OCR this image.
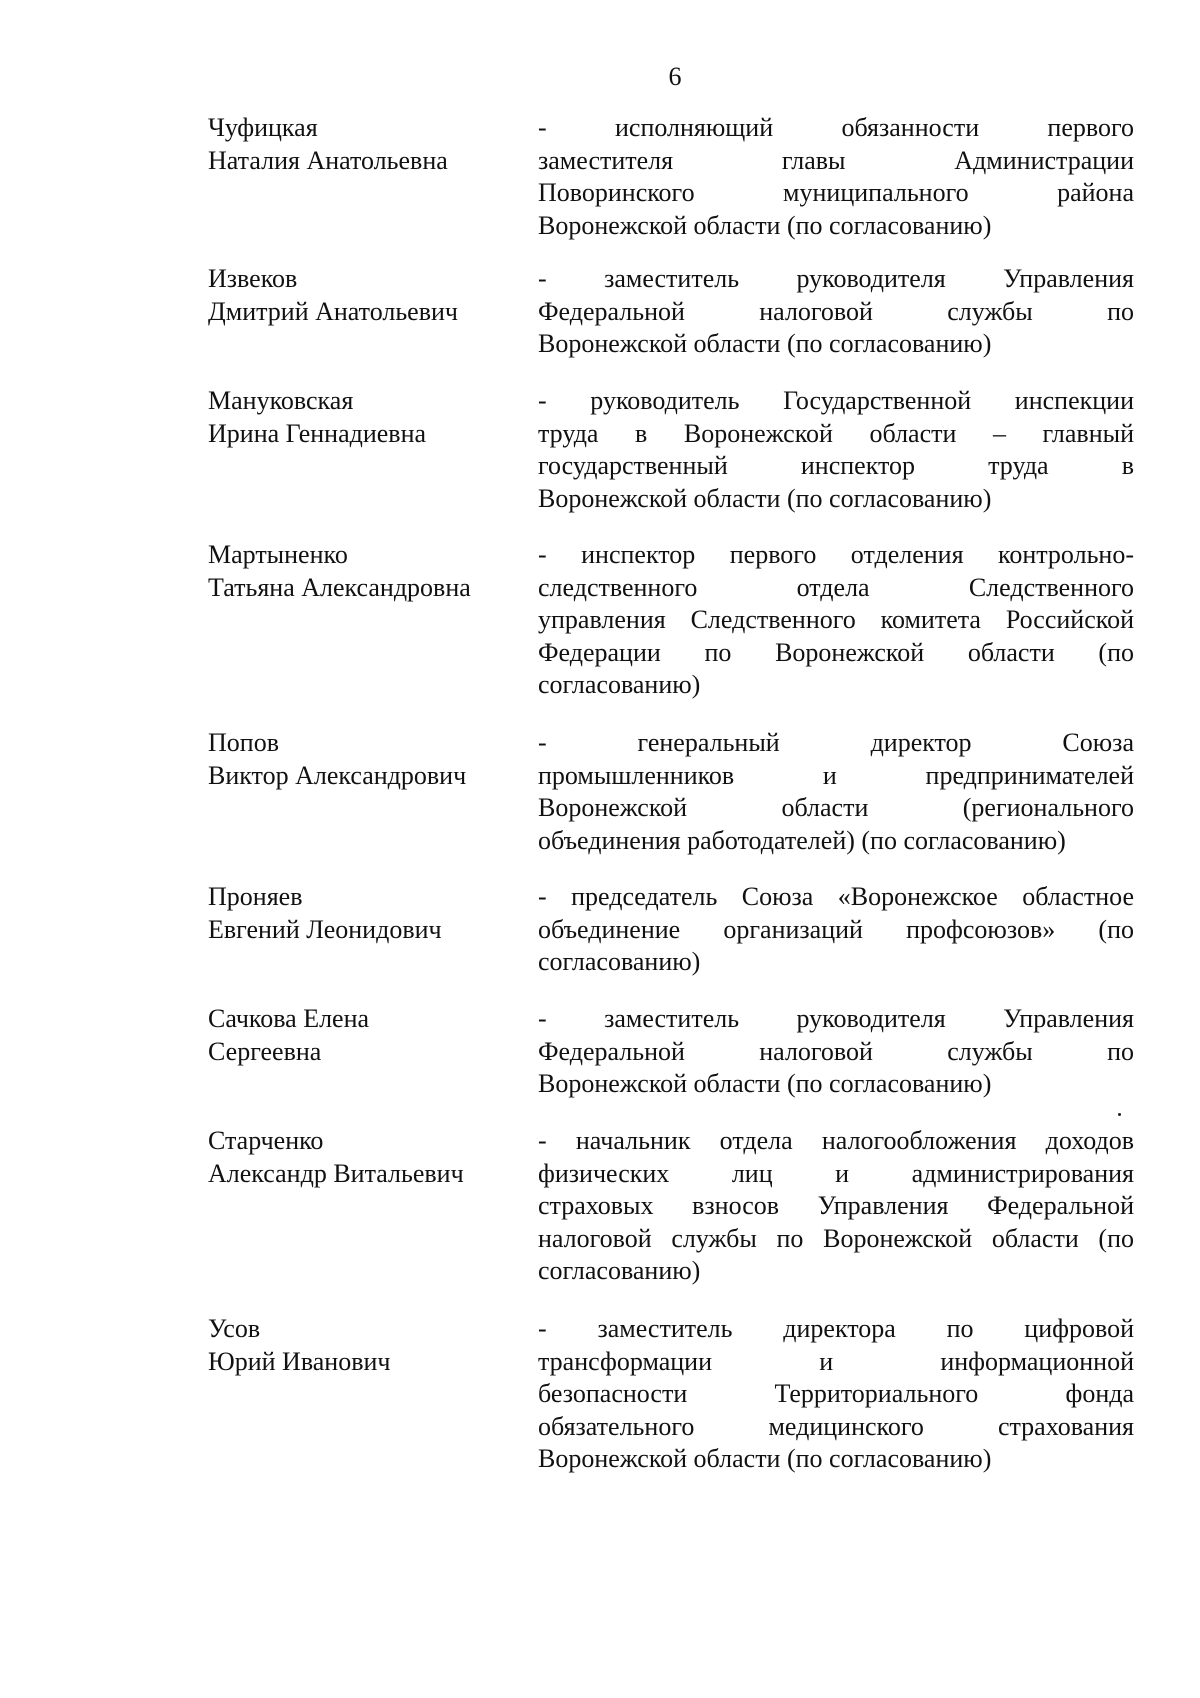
6
Чуфицкая
Наталия Анатольевна
- исполняющий обязанности первого
заместителя главы Администрации
Поворинского муниципального района
Воронежской области (по согласованию)
Извеков
Дмитрий Анатольевич
- заместитель руководителя Управления
Федеральной налоговой службы по
Воронежской области (по согласованию)
Мануковская
Ирина Геннадиевна
- руководитель Государственной инспекции
труда в Воронежской области – главный
государственный инспектор труда в
Воронежской области (по согласованию)
Мартыненко
Татьяна Александровна
- инспектор первого отделения контрольно-
следственного отдела Следственного
управления Следственного комитета Российской
Федерации по Воронежской области (по
согласованию)
Попов
Виктор Александрович
- генеральный директор Союза
промышленников и предпринимателей
Воронежской области (регионального
объединения работодателей) (по согласованию)
Проняев
Евгений Леонидович
- председатель Союза «Воронежское областное
объединение организаций профсоюзов» (по
согласованию)
Сачкова Елена
Сергеевна
- заместитель руководителя Управления
Федеральной налоговой службы по
Воронежской области (по согласованию)
Старченко
Александр Витальевич
- начальник отдела налогообложения доходов
физических лиц и администрирования
страховых взносов Управления Федеральной
налоговой службы по Воронежской области (по
согласованию)
Усов
Юрий Иванович
- заместитель директора по цифровой
трансформации и информационной
безопасности Территориального фонда
обязательного медицинского страхования
Воронежской области (по согласованию)
